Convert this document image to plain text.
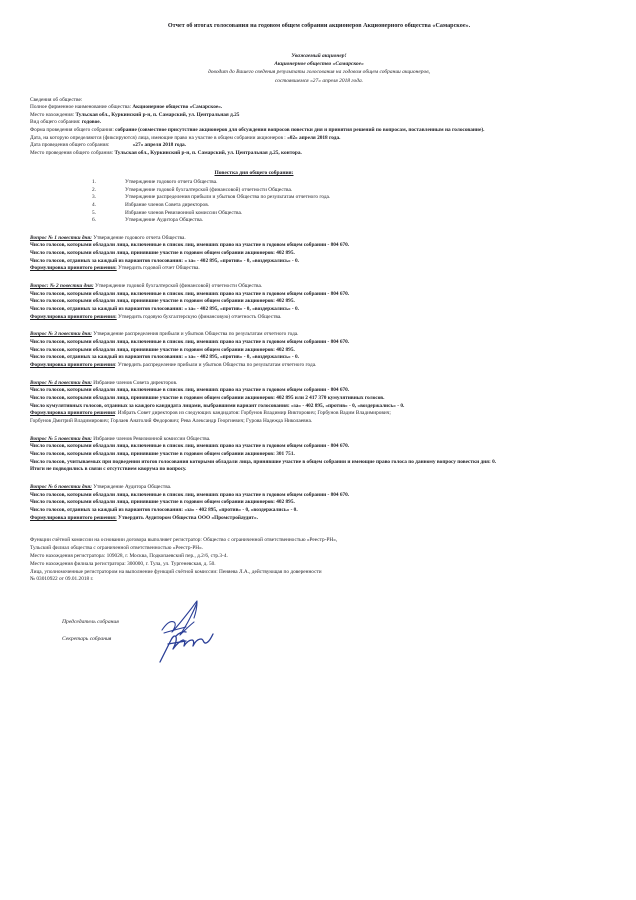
Отчет об итогах голосования на годовом общем собрании акционеров Акционерного общества «Самарское».
Уважаемый акционер!
Акционерное общество «Самарское»
доводит до Вашего сведения результаты голосования на годовом общем собрании акционеров,
состоявшемся «27» апреля 2018 года.
Сведения об обществе:
Полное фирменное наименование общества: Акционерное общество «Самарское».
Место нахождения: Тульская обл., Куркинский р-н, п. Самарский, ул. Центральная д.25
Вид общего собрания: годовое.
Форма проведения общего собрания: собрание (совместное присутствие акционеров для обсуждения вопросов повестки дня и принятия решений по вопросам, поставленным на голосование).
Дата, на которую определяются (фиксируются) лица, имеющие право на участие в общем собрании акционеров : «02» апреля 2018 года.
Дата проведения общего собрания:	«27» апреля 2018 года.
Место проведения общего собрания: Тульская обл., Куркинский р-н, п. Самарский, ул. Центральная д.25, контора.
Повестка дня общего собрания:
1.	Утверждение годового отчета Общества.
2.	Утверждение годовой бухгалтерской (финансовой) отчетности Общества.
3.	Утверждение распределения прибыли и убытков Общества по результатам отчетного года.
4.	Избрание членов Совета директоров.
5.	Избрание членов Ревизионной комиссии Общества.
6.	Утверждение Аудитора Общества.
Вопрос № 1 повестки дня: Утверждение годового отчета Общества.
Число голосов, которыми обладали лица, включенные в список лиц, имевших право на участие в годовом общем собрании - 804 670.
Число голосов, которыми обладали лица, принявшие участие в годовом общем собрании акционеров: 402 895.
Число голосов, отданных за каждый из вариантов голосования: « за» - 402 895, «против» - 0, «воздержались» - 0.
Формулировка принятого решения: Утвердить годовой отчет Общества.
Вопрос: № 2 повестки дня: Утверждение годовой бухгалтерской (финансовой) отчетности Общества.
Число голосов, которыми обладали лица, включенные в список лиц, имевших право на участие в годовом общем собрании - 804 670.
Число голосов, которыми обладали лица, принявшие участие в годовом общем собрании акционеров: 402 895.
Число голосов, отданных за каждый из вариантов голосования: « за» - 402 895, «против» - 0, «воздержались» - 0.
Формулировка принятого решения: Утвердить годовую бухгалтерскую (финансовую) отчетность Общества.
Вопрос № 3 повестки дня: Утверждение распределения прибыли и убытков Общества по результатам отчетного года.
Число голосов, которыми обладали лица, включенные в список лиц, имевших право на участие в годовом общем собрании - 804 670.
Число голосов, которыми обладали лица, принявшие участие в годовом общем собрании акционеров: 402 895.
Число голосов, отданных за каждый из вариантов голосования: « за» - 402 895, «против» - 0, «воздержались» - 0.
Формулировка принятого решения: Утвердить распределение прибыли и убытков Общества по результатам отчетного года.
Вопрос № 4 повестки дня: Избрание членов Совета директоров.
Число голосов, которыми обладали лица, включенные в список лиц, имевших право на участие в годовом общем собрании - 804 670.
Число голосов, которыми обладали лица, принявшие участие в годовом общем собрании акционеров: 402 895 или 2 417 370 кумулятивных голосов.
Число кумулятивных голосов, отданных за каждого кандидата лицами, выбравшими вариант голосования: «за» - 402 895, «против» - 0, «воздержались» - 0.
Формулировка принятого решения: Избрать Совет директоров из следующих кандидатов: Горбунов Владимир Викторович; Горбунов Вадим Владимирович;
Горбунов Дмитрий Владимирович; Горлаев Анатолий Федорович; Рева Александр Георгиевич; Гурова Надежда Николаевна.
Вопрос № 5 повестки дня: Избрание членов Ревизионной комиссии Общества.
Число голосов, которыми обладали лица, включенные в список лиц, имевших право на участие в годовом общем собрании - 804 670.
Число голосов, которыми обладали лица, принявшие участие в годовом общем собрании акционеров: 301 751.
Число голосов, учитываемых при подведении итогов голосования которыми обладали лица, принявшие участие в общем собрании и имеющие право голоса по данному вопросу повестки дня: 0.
Итоги не подводились в связи с отсутствием кворума по вопросу.
Вопрос № 6 повестки дня: Утверждение Аудитора Общества.
Число голосов, которыми обладали лица, включенные в список лиц, имевших право на участие в годовом общем собрании - 804 670.
Число голосов, которыми обладали лица, принявшие участие в годовом общем собрании акционеров: 402 895.
Число голосов, отданных за каждый из вариантов голосования: «за» - 402 895, «против» - 0, «воздержались» - 0.
Формулировка принятого решения: Утвердить Аудитором Общества ООО «Промстройаудит».
Функции счётной комиссии на основании договора выполняет регистратор: Общество с ограниченной ответственностью «Реестр-РН»,
Тульский филиал общества с ограниченной ответственностью «Реестр-РН».
Место нахождения регистратора: 109028, г. Москва, Подкопаевский пер., д.2/6, стр.3-4.
Место нахождения филиала регистратора: 300000, г. Тула, ул. Тургеневская, д. 50.
Лица, уполномоченные регистратором на выполнение функций счётной комиссии: Пеняева Л.А., действующая по доверенности
№ 03010922 от 09.01.2018 г.
Председатель собрания
Секретарь собрания
